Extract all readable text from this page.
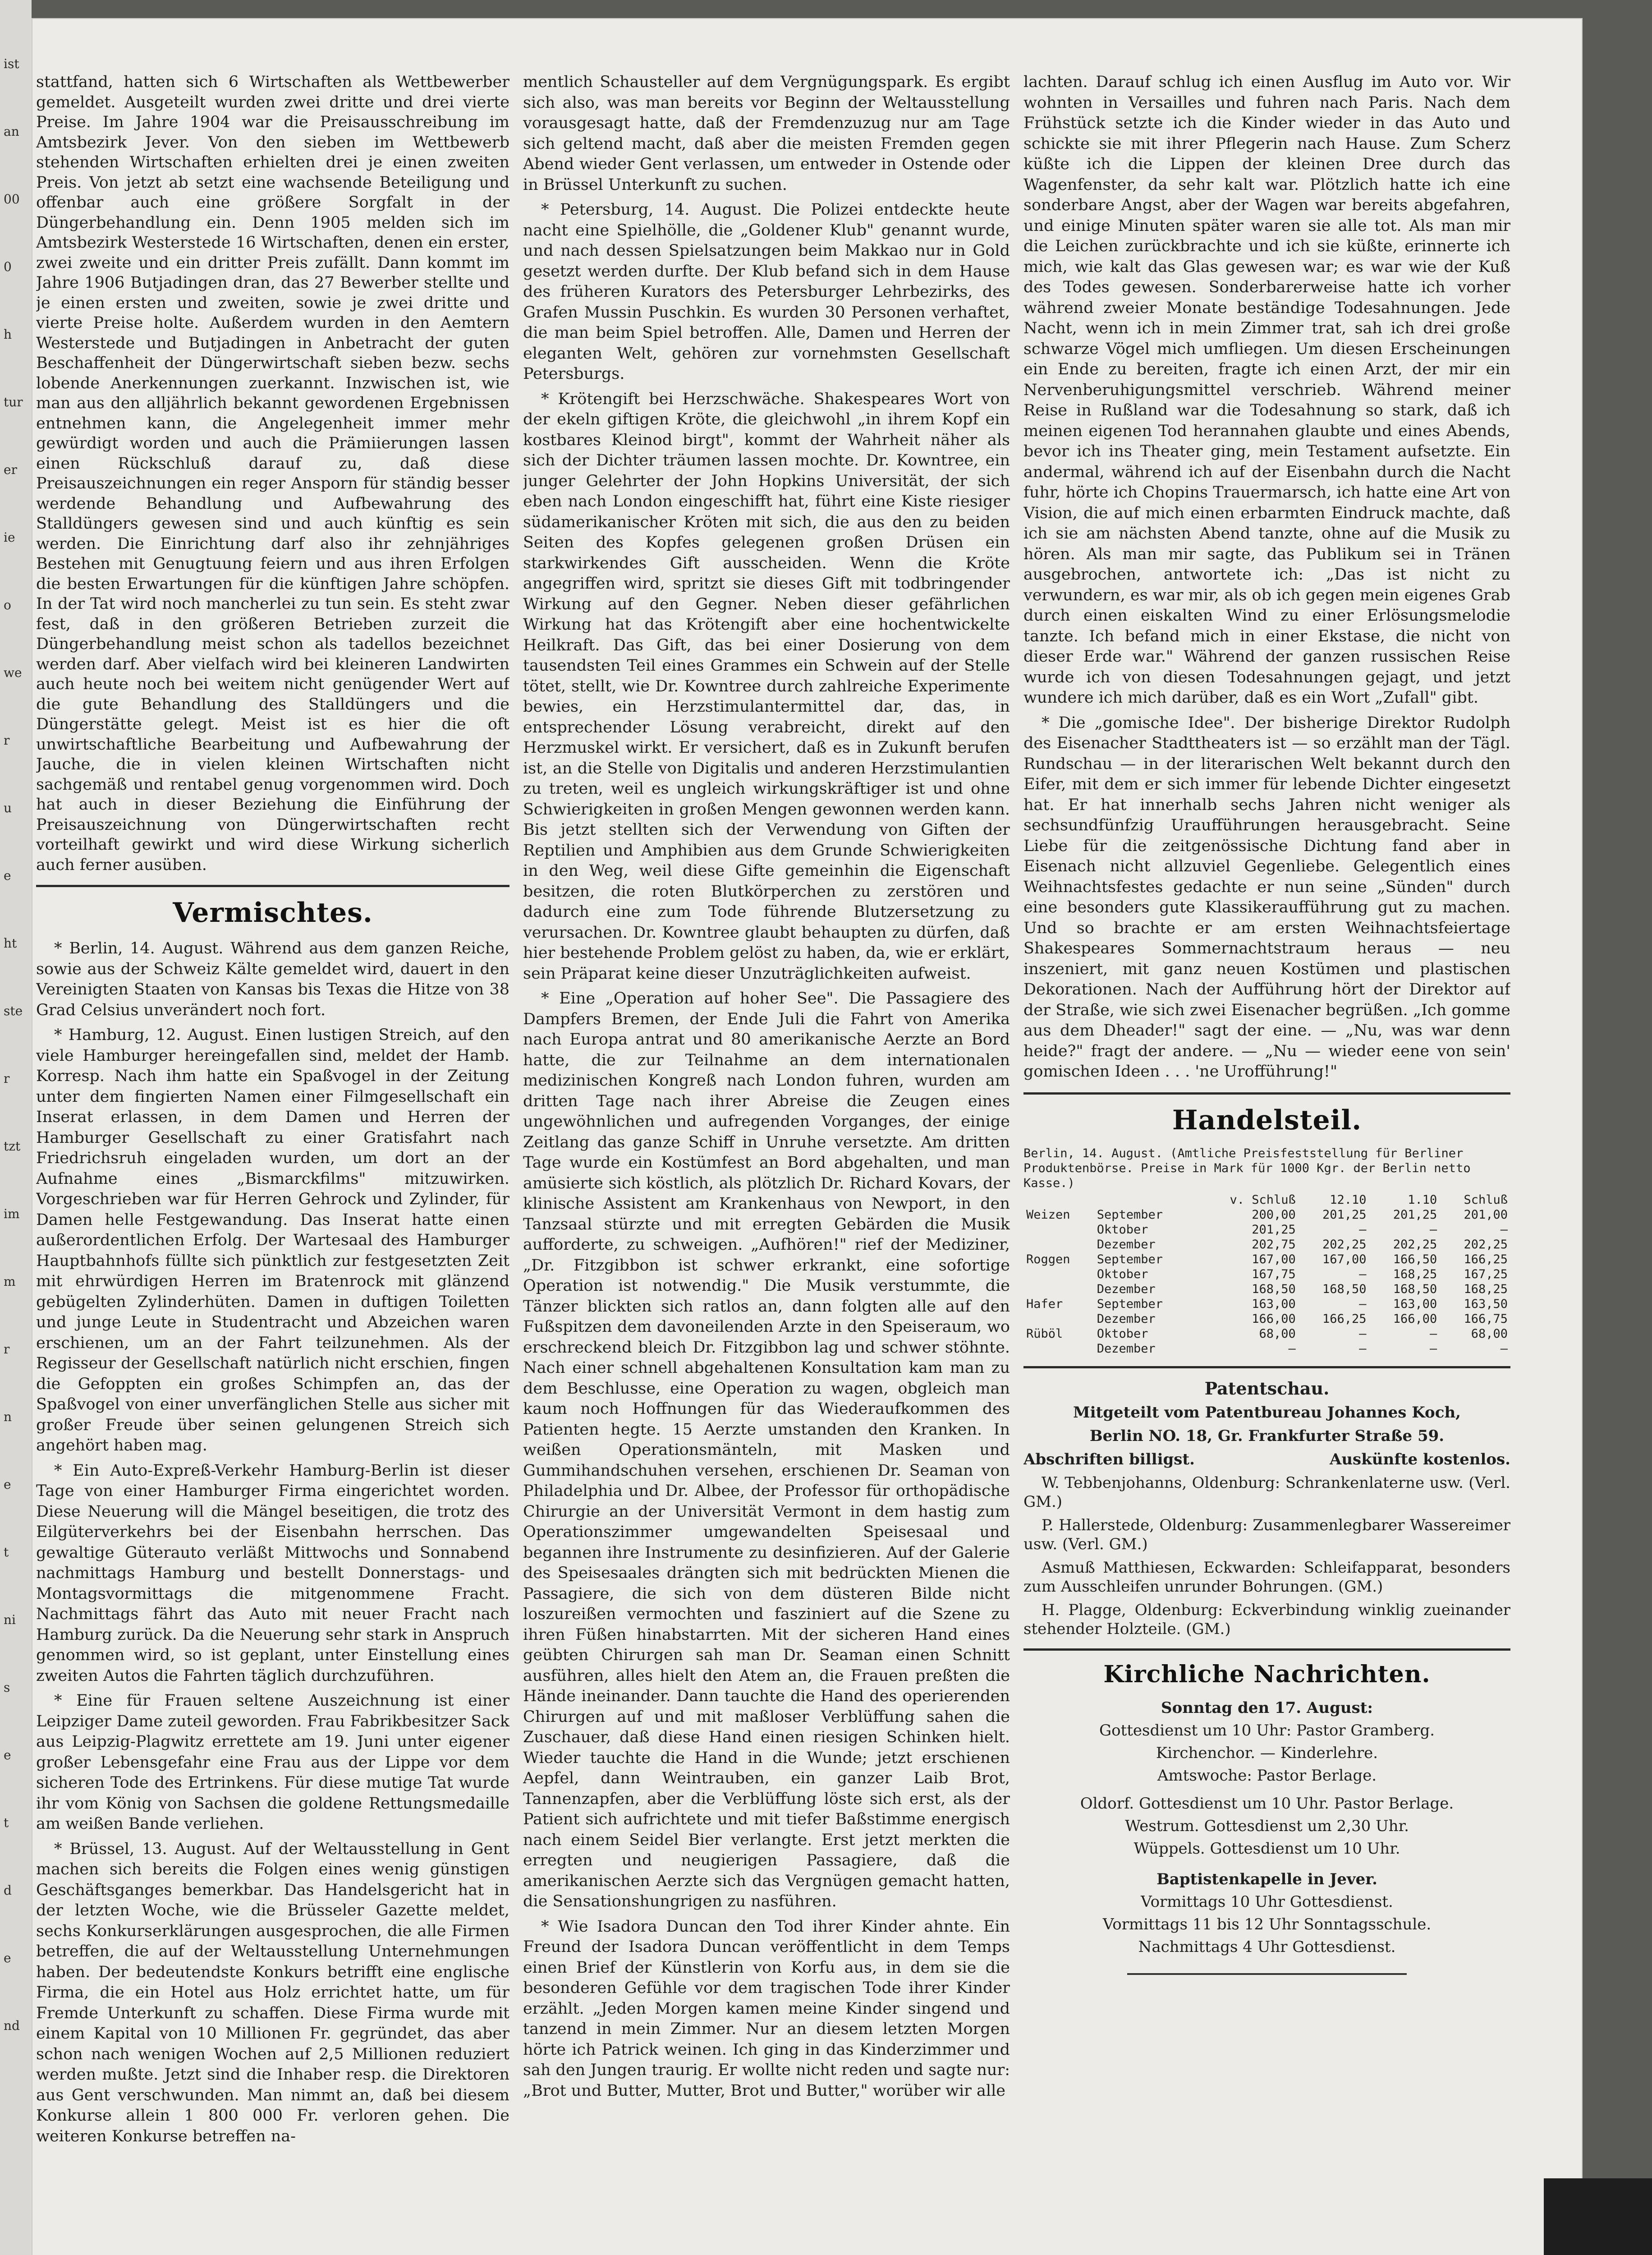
ist
an
00
0
h
tur
er
ie
o
we
r
u
e
ht
ste
r
tzt
im
m
r
n
e
t
ni
s
e
t
d
e
nd

stattfand, hatten sich 6 Wirtschaften als Wettbewerber gemeldet. Ausgeteilt wurden zwei dritte und drei vierte Preise. Im Jahre 1904 war die Preisausschreibung im Amtsbezirk Jever. Von den sieben im Wettbewerb stehenden Wirtschaften erhielten drei je einen zweiten Preis. Von jetzt ab setzt eine wachsende Beteiligung und offenbar auch eine größere Sorgfalt in der Düngerbehandlung ein. Denn 1905 melden sich im Amtsbezirk Westerstede 16 Wirtschaften, denen ein erster, zwei zweite und ein dritter Preis zufällt. Dann kommt im Jahre 1906 Butjadingen dran, das 27 Bewerber stellte und je einen ersten und zweiten, sowie je zwei dritte und vierte Preise holte. Außerdem wurden in den Aemtern Westerstede und Butjadingen in Anbetracht der guten Beschaffenheit der Düngerwirtschaft sieben bezw. sechs lobende Anerkennungen zuerkannt. Inzwischen ist, wie man aus den alljährlich bekannt gewordenen Ergebnissen entnehmen kann, die Angelegenheit immer mehr gewürdigt worden und auch die Prämiierungen lassen einen Rückschluß darauf zu, daß diese Preisauszeichnungen ein reger Ansporn für ständig besser werdende Behandlung und Aufbewahrung des Stalldüngers gewesen sind und auch künftig es sein werden. Die Einrichtung darf also ihr zehnjähriges Bestehen mit Genugtuung feiern und aus ihren Erfolgen die besten Erwartungen für die künftigen Jahre schöpfen. In der Tat wird noch mancherlei zu tun sein. Es steht zwar fest, daß in den größeren Betrieben zurzeit die Düngerbehandlung meist schon als tadellos bezeichnet werden darf. Aber vielfach wird bei kleineren Landwirten auch heute noch bei weitem nicht genügender Wert auf die gute Behandlung des Stalldüngers und die Düngerstätte gelegt. Meist ist es hier die oft unwirtschaftliche Bearbeitung und Aufbewahrung der Jauche, die in vielen kleinen Wirtschaften nicht sachgemäß und rentabel genug vorgenommen wird. Doch hat auch in dieser Beziehung die Einführung der Preisauszeichnung von Düngerwirtschaften recht vorteilhaft gewirkt und wird diese Wirkung sicherlich auch ferner ausüben.

Vermischtes.

* Berlin, 14. August. Während aus dem ganzen Reiche, sowie aus der Schweiz Kälte gemeldet wird, dauert in den Vereinigten Staaten von Kansas bis Texas die Hitze von 38 Grad Celsius unverändert noch fort.

* Hamburg, 12. August. Einen lustigen Streich, auf den viele Hamburger hereingefallen sind, meldet der Hamb. Korresp. Nach ihm hatte ein Spaßvogel in der Zeitung unter dem fingierten Namen einer Filmgesellschaft ein Inserat erlassen, in dem Damen und Herren der Hamburger Gesellschaft zu einer Gratisfahrt nach Friedrichsruh eingeladen wurden, um dort an der Aufnahme eines „Bismarckfilms" mitzuwirken. Vorgeschrieben war für Herren Gehrock und Zylinder, für Damen helle Festgewandung. Das Inserat hatte einen außerordentlichen Erfolg. Der Wartesaal des Hamburger Hauptbahnhofs füllte sich pünktlich zur festgesetzten Zeit mit ehrwürdigen Herren im Bratenrock mit glänzend gebügelten Zylinderhüten. Damen in duftigen Toiletten und junge Leute in Studentracht und Abzeichen waren erschienen, um an der Fahrt teilzunehmen. Als der Regisseur der Gesellschaft natürlich nicht erschien, fingen die Gefoppten ein großes Schimpfen an, das der Spaßvogel von einer unverfänglichen Stelle aus sicher mit großer Freude über seinen gelungenen Streich sich angehört haben mag.

* Ein Auto-Expreß-Verkehr Hamburg-Berlin ist dieser Tage von einer Hamburger Firma eingerichtet worden. Diese Neuerung will die Mängel beseitigen, die trotz des Eilgüterverkehrs bei der Eisenbahn herrschen. Das gewaltige Güterauto verläßt Mittwochs und Sonnabend nachmittags Hamburg und bestellt Donnerstags- und Montagsvormittags die mitgenommene Fracht. Nachmittags fährt das Auto mit neuer Fracht nach Hamburg zurück. Da die Neuerung sehr stark in Anspruch genommen wird, so ist geplant, unter Einstellung eines zweiten Autos die Fahrten täglich durchzuführen.

* Eine für Frauen seltene Auszeichnung ist einer Leipziger Dame zuteil geworden. Frau Fabrikbesitzer Sack aus Leipzig-Plagwitz errettete am 19. Juni unter eigener großer Lebensgefahr eine Frau aus der Lippe vor dem sicheren Tode des Ertrinkens. Für diese mutige Tat wurde ihr vom König von Sachsen die goldene Rettungsmedaille am weißen Bande verliehen.

* Brüssel, 13. August. Auf der Weltausstellung in Gent machen sich bereits die Folgen eines wenig günstigen Geschäftsganges bemerkbar. Das Handelsgericht hat in der letzten Woche, wie die Brüsseler Gazette meldet, sechs Konkurserklärungen ausgesprochen, die alle Firmen betreffen, die auf der Weltausstellung Unternehmungen haben. Der bedeutendste Konkurs betrifft eine englische Firma, die ein Hotel aus Holz errichtet hatte, um für Fremde Unterkunft zu schaffen. Diese Firma wurde mit einem Kapital von 10 Millionen Fr. gegründet, das aber schon nach wenigen Wochen auf 2,5 Millionen reduziert werden mußte. Jetzt sind die Inhaber resp. die Direktoren aus Gent verschwunden. Man nimmt an, daß bei diesem Konkurse allein 1 800 000 Fr. verloren gehen. Die weiteren Konkurse betreffen na-

mentlich Schausteller auf dem Vergnügungspark. Es ergibt sich also, was man bereits vor Beginn der Weltausstellung vorausgesagt hatte, daß der Fremdenzuzug nur am Tage sich geltend macht, daß aber die meisten Fremden gegen Abend wieder Gent verlassen, um entweder in Ostende oder in Brüssel Unterkunft zu suchen.

* Petersburg, 14. August. Die Polizei entdeckte heute nacht eine Spielhölle, die „Goldener Klub" genannt wurde, und nach dessen Spielsatzungen beim Makkao nur in Gold gesetzt werden durfte. Der Klub befand sich in dem Hause des früheren Kurators des Petersburger Lehrbezirks, des Grafen Mussin Puschkin. Es wurden 30 Personen verhaftet, die man beim Spiel betroffen. Alle, Damen und Herren der eleganten Welt, gehören zur vornehmsten Gesellschaft Petersburgs.

* Krötengift bei Herzschwäche. Shakespeares Wort von der ekeln giftigen Kröte, die gleichwohl „in ihrem Kopf ein kostbares Kleinod birgt", kommt der Wahrheit näher als sich der Dichter träumen lassen mochte. Dr. Kowntree, ein junger Gelehrter der John Hopkins Universität, der sich eben nach London eingeschifft hat, führt eine Kiste riesiger südamerikanischer Kröten mit sich, die aus den zu beiden Seiten des Kopfes gelegenen großen Drüsen ein starkwirkendes Gift ausscheiden. Wenn die Kröte angegriffen wird, spritzt sie dieses Gift mit todbringender Wirkung auf den Gegner. Neben dieser gefährlichen Wirkung hat das Krötengift aber eine hochentwickelte Heilkraft. Das Gift, das bei einer Dosierung von dem tausendsten Teil eines Grammes ein Schwein auf der Stelle tötet, stellt, wie Dr. Kowntree durch zahlreiche Experimente bewies, ein Herzstimulantermittel dar, das, in entsprechender Lösung verabreicht, direkt auf den Herzmuskel wirkt. Er versichert, daß es in Zukunft berufen ist, an die Stelle von Digitalis und anderen Herzstimulantien zu treten, weil es ungleich wirkungskräftiger ist und ohne Schwierigkeiten in großen Mengen gewonnen werden kann. Bis jetzt stellten sich der Verwendung von Giften der Reptilien und Amphibien aus dem Grunde Schwierigkeiten in den Weg, weil diese Gifte gemeinhin die Eigenschaft besitzen, die roten Blutkörperchen zu zerstören und dadurch eine zum Tode führende Blutzersetzung zu verursachen. Dr. Kowntree glaubt behaupten zu dürfen, daß hier bestehende Problem gelöst zu haben, da, wie er erklärt, sein Präparat keine dieser Unzuträglichkeiten aufweist.

* Eine „Operation auf hoher See". Die Passagiere des Dampfers Bremen, der Ende Juli die Fahrt von Amerika nach Europa antrat und 80 amerikanische Aerzte an Bord hatte, die zur Teilnahme an dem internationalen medizinischen Kongreß nach London fuhren, wurden am dritten Tage nach ihrer Abreise die Zeugen eines ungewöhnlichen und aufregenden Vorganges, der einige Zeitlang das ganze Schiff in Unruhe versetzte. Am dritten Tage wurde ein Kostümfest an Bord abgehalten, und man amüsierte sich köstlich, als plötzlich Dr. Richard Kovars, der klinische Assistent am Krankenhaus von Newport, in den Tanzsaal stürzte und mit erregten Gebärden die Musik aufforderte, zu schweigen. „Aufhören!" rief der Mediziner, „Dr. Fitzgibbon ist schwer erkrankt, eine sofortige Operation ist notwendig." Die Musik verstummte, die Tänzer blickten sich ratlos an, dann folgten alle auf den Fußspitzen dem davoneilenden Arzte in den Speiseraum, wo erschreckend bleich Dr. Fitzgibbon lag und schwer stöhnte. Nach einer schnell abgehaltenen Konsultation kam man zu dem Beschlusse, eine Operation zu wagen, obgleich man kaum noch Hoffnungen für das Wiederaufkommen des Patienten hegte. 15 Aerzte umstanden den Kranken. In weißen Operationsmänteln, mit Masken und Gummihandschuhen versehen, erschienen Dr. Seaman von Philadelphia und Dr. Albee, der Professor für orthopädische Chirurgie an der Universität Vermont in dem hastig zum Operationszimmer umgewandelten Speisesaal und begannen ihre Instrumente zu desinfizieren. Auf der Galerie des Speisesaales drängten sich mit bedrückten Mienen die Passagiere, die sich von dem düsteren Bilde nicht loszureißen vermochten und fasziniert auf die Szene zu ihren Füßen hinabstarrten. Mit der sicheren Hand eines geübten Chirurgen sah man Dr. Seaman einen Schnitt ausführen, alles hielt den Atem an, die Frauen preßten die Hände ineinander. Dann tauchte die Hand des operierenden Chirurgen auf und mit maßloser Verblüffung sahen die Zuschauer, daß diese Hand einen riesigen Schinken hielt. Wieder tauchte die Hand in die Wunde; jetzt erschienen Aepfel, dann Weintrauben, ein ganzer Laib Brot, Tannenzapfen, aber die Verblüffung löste sich erst, als der Patient sich aufrichtete und mit tiefer Baßstimme energisch nach einem Seidel Bier verlangte. Erst jetzt merkten die erregten und neugierigen Passagiere, daß die amerikanischen Aerzte sich das Vergnügen gemacht hatten, die Sensationshungrigen zu nasführen.

* Wie Isadora Duncan den Tod ihrer Kinder ahnte. Ein Freund der Isadora Duncan veröffentlicht in dem Temps einen Brief der Künstlerin von Korfu aus, in dem sie die besonderen Gefühle vor dem tragischen Tode ihrer Kinder erzählt. „Jeden Morgen kamen meine Kinder singend und tanzend in mein Zimmer. Nur an diesem letzten Morgen hörte ich Patrick weinen. Ich ging in das Kinderzimmer und sah den Jungen traurig. Er wollte nicht reden und sagte nur: „Brot und Butter, Mutter, Brot und Butter," worüber wir alle

lachten. Darauf schlug ich einen Ausflug im Auto vor. Wir wohnten in Versailles und fuhren nach Paris. Nach dem Frühstück setzte ich die Kinder wieder in das Auto und schickte sie mit ihrer Pflegerin nach Hause. Zum Scherz küßte ich die Lippen der kleinen Dree durch das Wagenfenster, da sehr kalt war. Plötzlich hatte ich eine sonderbare Angst, aber der Wagen war bereits abgefahren, und einige Minuten später waren sie alle tot. Als man mir die Leichen zurückbrachte und ich sie küßte, erinnerte ich mich, wie kalt das Glas gewesen war; es war wie der Kuß des Todes gewesen. Sonderbarerweise hatte ich vorher während zweier Monate beständige Todesahnungen. Jede Nacht, wenn ich in mein Zimmer trat, sah ich drei große schwarze Vögel mich umfliegen. Um diesen Erscheinungen ein Ende zu bereiten, fragte ich einen Arzt, der mir ein Nervenberuhigungsmittel verschrieb. Während meiner Reise in Rußland war die Todesahnung so stark, daß ich meinen eigenen Tod herannahen glaubte und eines Abends, bevor ich ins Theater ging, mein Testament aufsetzte. Ein andermal, während ich auf der Eisenbahn durch die Nacht fuhr, hörte ich Chopins Trauermarsch, ich hatte eine Art von Vision, die auf mich einen erbarmten Eindruck machte, daß ich sie am nächsten Abend tanzte, ohne auf die Musik zu hören. Als man mir sagte, das Publikum sei in Tränen ausgebrochen, antwortete ich: „Das ist nicht zu verwundern, es war mir, als ob ich gegen mein eigenes Grab durch einen eiskalten Wind zu einer Erlösungsmelodie tanzte. Ich befand mich in einer Ekstase, die nicht von dieser Erde war." Während der ganzen russischen Reise wurde ich von diesen Todesahnungen gejagt, und jetzt wundere ich mich darüber, daß es ein Wort „Zufall" gibt.

* Die „gomische Idee". Der bisherige Direktor Rudolph des Eisenacher Stadttheaters ist — so erzählt man der Tägl. Rundschau — in der literarischen Welt bekannt durch den Eifer, mit dem er sich immer für lebende Dichter eingesetzt hat. Er hat innerhalb sechs Jahren nicht weniger als sechsundfünfzig Uraufführungen herausgebracht. Seine Liebe für die zeitgenössische Dichtung fand aber in Eisenach nicht allzuviel Gegenliebe. Gelegentlich eines Weihnachtsfestes gedachte er nun seine „Sünden" durch eine besonders gute Klassikeraufführung gut zu machen. Und so brachte er am ersten Weihnachtsfeiertage Shakespeares Sommernachtstraum heraus — neu inszeniert, mit ganz neuen Kostümen und plastischen Dekorationen. Nach der Aufführung hört der Direktor auf der Straße, wie sich zwei Eisenacher begrüßen. „Ich gomme aus dem Dheader!" sagt der eine. — „Nu, was war denn heide?" fragt der andere. — „Nu — wieder eene von sein' gomischen Ideen . . . 'ne Urofführung!"

Handelsteil.
Berlin, 14. August. (Amtliche Preisfeststellung für Berliner Produktenbörse. Preise in Mark für 1000 Kgr. der Berlin netto Kasse.)
		v. Schluß	12.10	1.10	Schluß
Weizen	September	200,00	201,25	201,25	201,00
	Oktober	201,25	—	—	—
	Dezember	202,75	202,25	202,25	202,25
Roggen	September	167,00	167,00	166,50	166,25
	Oktober	167,75	—	168,25	167,25
	Dezember	168,50	168,50	168,50	168,25
Hafer	September	163,00	—	163,00	163,50
	Dezember	166,00	166,25	166,00	166,75
Rüböl	Oktober	68,00	—	—	68,00
	Dezember	—	—	—	—
Patentschau.

Mitgeteilt vom Patentbureau Johannes Koch,

Berlin NO. 18, Gr. Frankfurter Straße 59.

Abschriften billigst.	Auskünfte kostenlos.

W. Tebbenjohanns, Oldenburg: Schrankenlaterne usw. (Verl. GM.)

P. Hallerstede, Oldenburg: Zusammenlegbarer Wassereimer usw. (Verl. GM.)

Asmuß Matthiesen, Eckwarden: Schleifapparat, besonders zum Ausschleifen unrunder Bohrungen. (GM.)

H. Plagge, Oldenburg: Eckverbindung winklig zueinander stehender Holzteile. (GM.)

Kirchliche Nachrichten.

Sonntag den 17. August:

Gottesdienst um 10 Uhr: Pastor Gramberg.

Kirchenchor. — Kinderlehre.

Amtswoche: Pastor Berlage.

Oldorf. Gottesdienst um 10 Uhr. Pastor Berlage.

Westrum. Gottesdienst um 2,30 Uhr.

Wüppels. Gottesdienst um 10 Uhr.

Baptistenkapelle in Jever.

Vormittags 10 Uhr Gottesdienst.

Vormittags 11 bis 12 Uhr Sonntagsschule.

Nachmittags 4 Uhr Gottesdienst.
